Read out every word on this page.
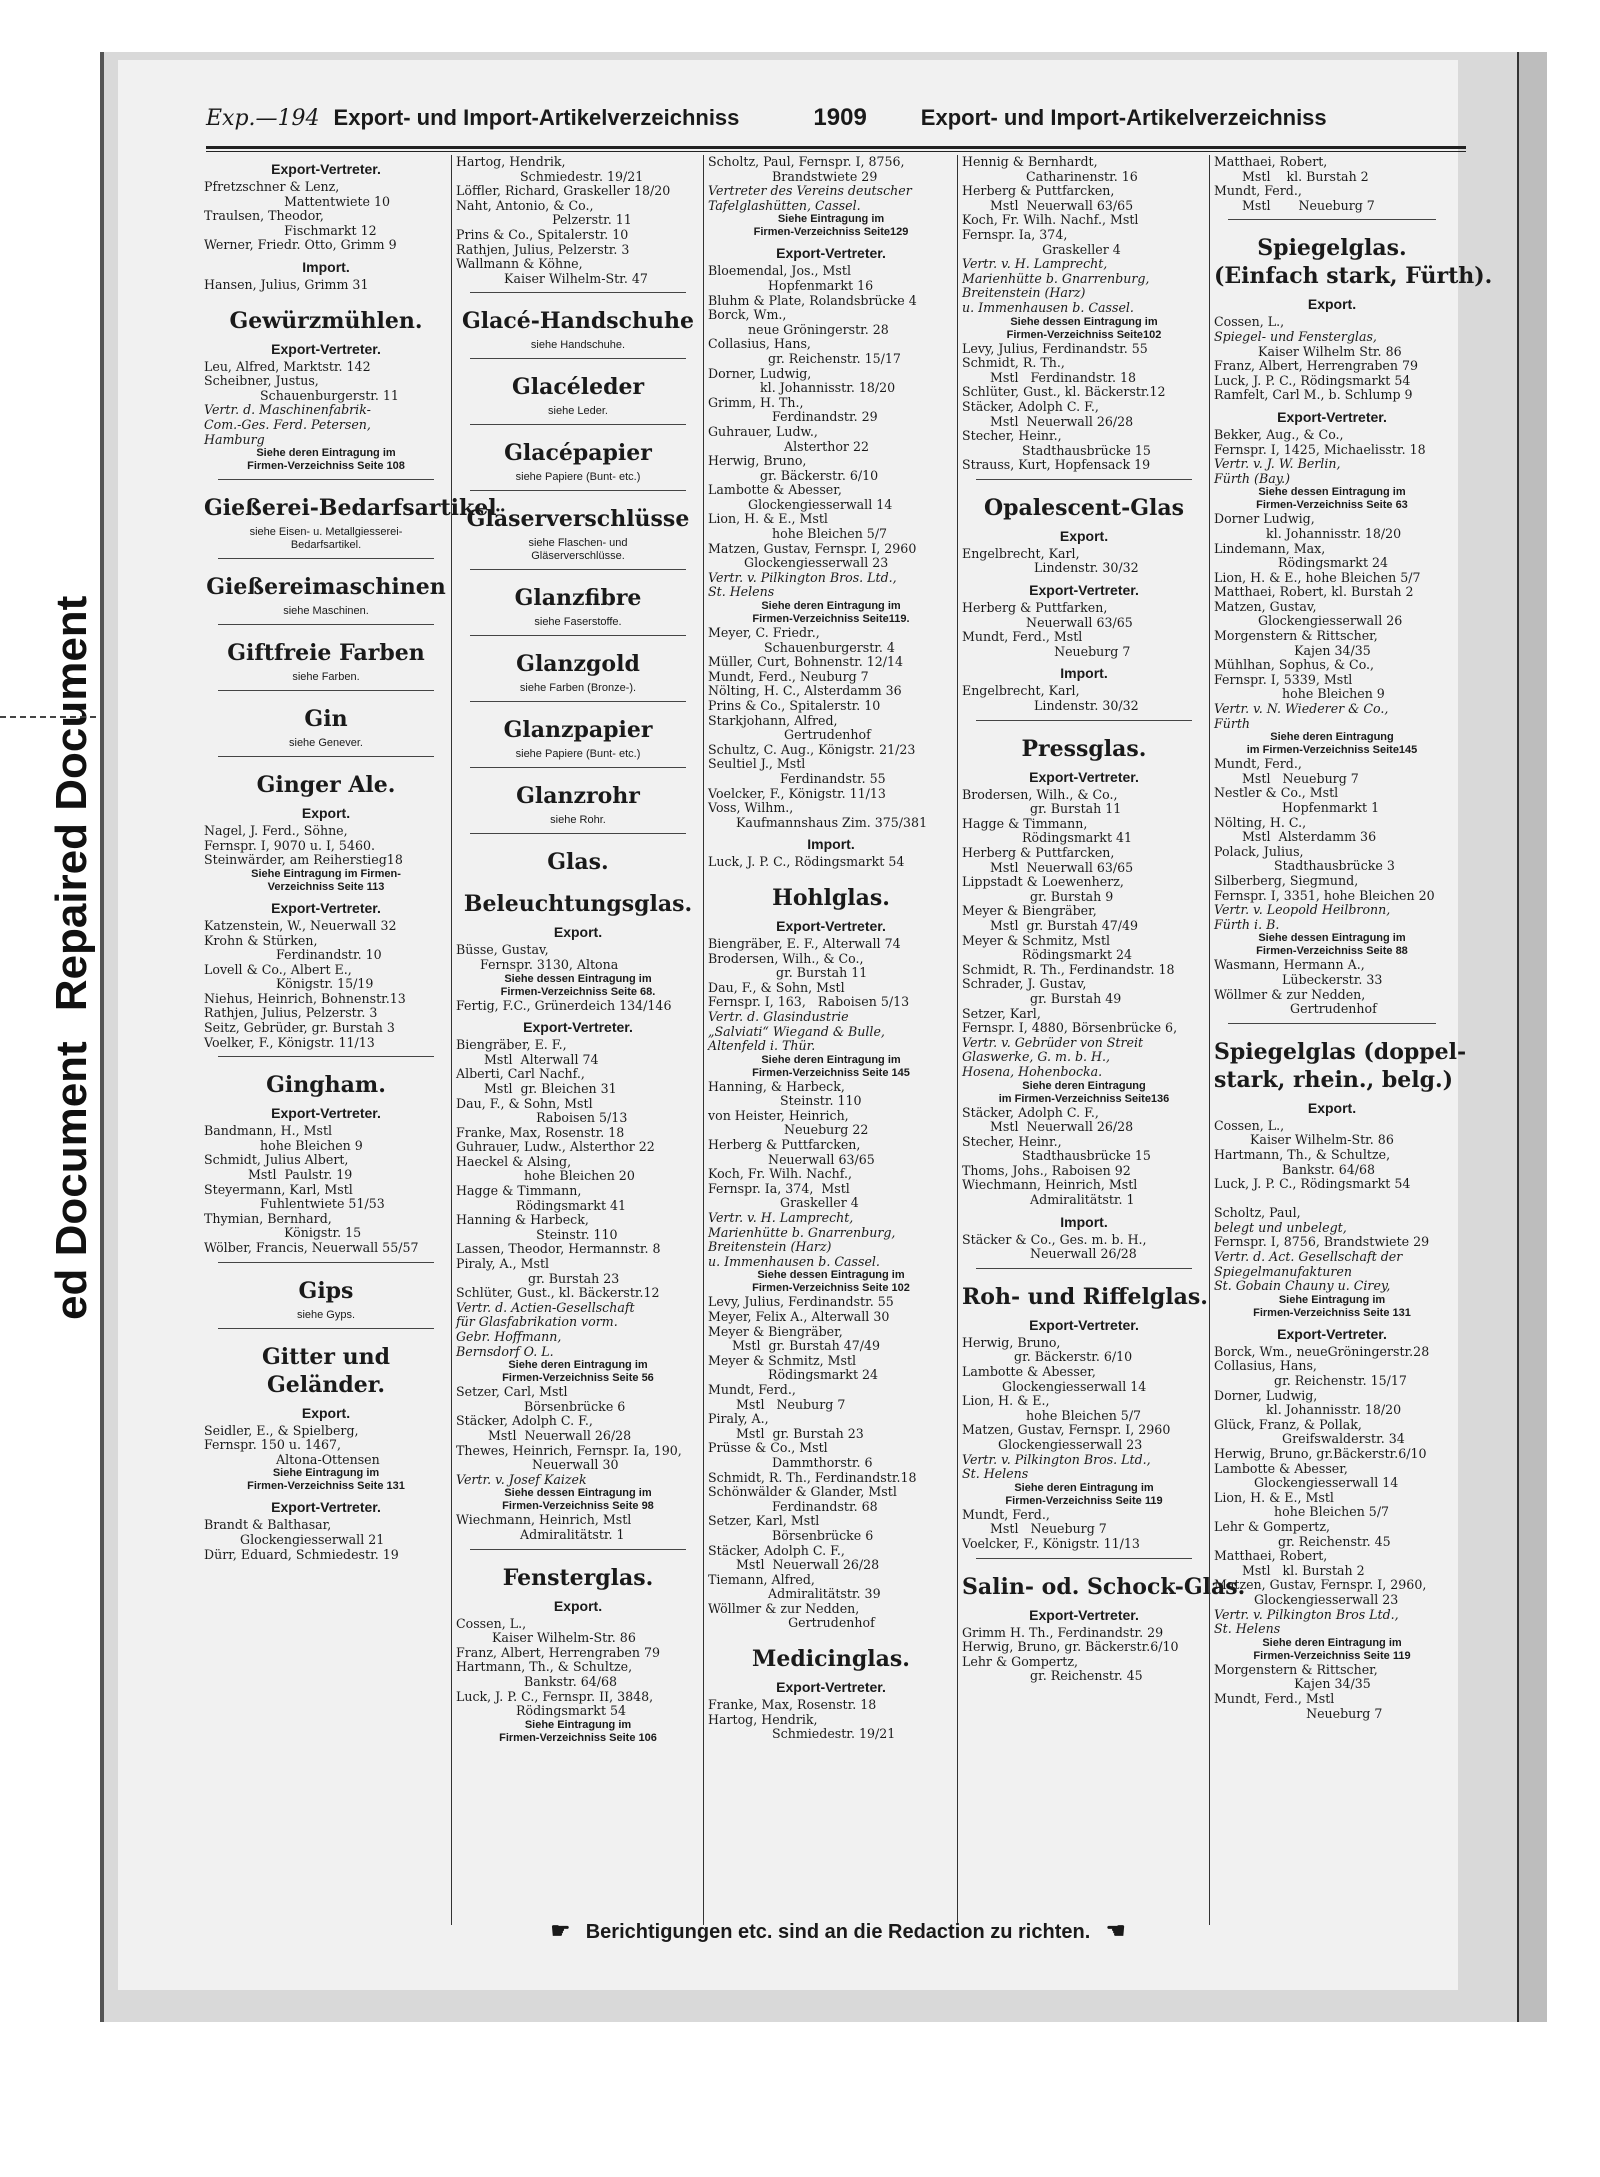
ed DocumentRepaired Document
Exp.—194 Export- und Import-Artikelverzeichniss	1909 Export- und Import-Artikelverzeichniss
Export-Vertreter.
Pfretzschner & Lenz,
Mattentwiete 10
Traulsen, Theodor,
Fischmarkt 12
Werner, Friedr. Otto, Grimm 9
Import.
Hansen, Julius, Grimm 31
Gewürzmühlen.
Export-Vertreter.
Leu, Alfred, Marktstr. 142
Scheibner, Justus,
Schauenburgerstr. 11
Vertr. d. Maschinenfabrik-
Com.-Ges. Ferd. Petersen,
Hamburg
Siehe deren Eintragung im
Firmen-Verzeichniss Seite 108
Gießerei-Bedarfsartikel
siehe Eisen- u. Metallgiesserei-
Bedarfsartikel.
Gießereimaschinen
siehe Maschinen.
Giftfreie Farben
siehe Farben.
Gin
siehe Genever.
Ginger Ale.
Export.
Nagel, J. Ferd., Söhne,
Fernspr. I, 9070 u. I, 5460.
Steinwärder, am Reiherstieg18
Siehe Eintragung im Firmen-
Verzeichniss Seite 113
Export-Vertreter.
Katzenstein, W., Neuerwall 32
Krohn & Stürken,
Ferdinandstr. 10
Lovell & Co., Albert E.,
Königstr. 15/19
Niehus, Heinrich, Bohnenstr.13
Rathjen, Julius, Pelzerstr. 3
Seitz, Gebrüder, gr. Burstah 3
Voelker, F., Königstr. 11/13
Gingham.
Export-Vertreter.
Bandmann, H., Mstl
hohe Bleichen 9
Schmidt, Julius Albert,
Mstl  Paulstr. 19
Steyermann, Karl, Mstl
Fuhlentwiete 51/53
Thymian, Bernhard,
Königstr. 15
Wölber, Francis, Neuerwall 55/57
Gips
siehe Gyps.
Gitter und
Geländer.
Export.
Seidler, E., & Spielberg,
Fernspr. 150 u. 1467,
Altona-Ottensen
Siehe Eintragung im
Firmen-Verzeichniss Seite 131
Export-Vertreter.
Brandt & Balthasar,
Glockengiesserwall 21
Dürr, Eduard, Schmiedestr. 19
Hartog, Hendrik,
Schmiedestr. 19/21
Löffler, Richard, Graskeller 18/20
Naht, Antonio, & Co.,
Pelzerstr. 11
Prins & Co., Spitalerstr. 10
Rathjen, Julius, Pelzerstr. 3
Wallmann & Köhne,
Kaiser Wilhelm-Str. 47
Glacé-Handschuhe
siehe Handschuhe.
Glacéleder
siehe Leder.
Glacépapier
siehe Papiere (Bunt- etc.)
Gläserverschlüsse
siehe Flaschen- und
Gläserverschlüsse.
Glanzfibre
siehe Faserstoffe.
Glanzgold
siehe Farben (Bronze-).
Glanzpapier
siehe Papiere (Bunt- etc.)
Glanzrohr
siehe Rohr.
Glas.
Beleuchtungsglas.
Export.
Büsse, Gustav,
Fernspr. 3130, Altona
Siehe dessen Eintragung im
Firmen-Verzeichniss Seite 68.
Fertig, F.C., Grünerdeich 134/146
Export-Vertreter.
Biengräber, E. F.,
Mstl  Alterwall 74
Alberti, Carl Nachf.,
Mstl  gr. Bleichen 31
Dau, F., & Sohn, Mstl
Raboisen 5/13
Franke, Max, Rosenstr. 18
Guhrauer, Ludw., Alsterthor 22
Haeckel & Alsing,
hohe Bleichen 20
Hagge & Timmann,
Rödingsmarkt 41
Hanning & Harbeck,
Steinstr. 110
Lassen, Theodor, Hermannstr. 8
Piraly, A., Mstl
gr. Burstah 23
Schlüter, Gust., kl. Bäckerstr.12
Vertr. d. Actien-Gesellschaft
für Glasfabrikation vorm.
Gebr. Hoffmann,
Bernsdorf O. L.
Siehe deren Eintragung im
Firmen-Verzeichniss Seite 56
Setzer, Carl, Mstl
Börsenbrücke 6
Stäcker, Adolph C. F.,
Mstl  Neuerwall 26/28
Thewes, Heinrich, Fernspr. Ia, 190,
Neuerwall 30
Vertr. v. Josef Kaizek
Siehe dessen Eintragung im
Firmen-Verzeichniss Seite 98
Wiechmann, Heinrich, Mstl
Admiralitätstr. 1
Fensterglas.
Export.
Cossen, L.,
Kaiser Wilhelm-Str. 86
Franz, Albert, Herrengraben 79
Hartmann, Th., & Schultze,
Bankstr. 64/68
Luck, J. P. C., Fernspr. II, 3848,
Rödingsmarkt 54
Siehe Eintragung im
Firmen-Verzeichniss Seite 106
Scholtz, Paul, Fernspr. I, 8756,
Brandstwiete 29
Vertreter des Vereins deutscher
Tafelglashütten, Cassel.
Siehe Eintragung im
Firmen-Verzeichniss Seite129
Export-Vertreter.
Bloemendal, Jos., Mstl
Hopfenmarkt 16
Bluhm & Plate, Rolandsbrücke 4
Borck, Wm.,
neue Gröningerstr. 28
Collasius, Hans,
gr. Reichenstr. 15/17
Dorner, Ludwig,
kl. Johannisstr. 18/20
Grimm, H. Th.,
Ferdinandstr. 29
Guhrauer, Ludw.,
Alsterthor 22
Herwig, Bruno,
gr. Bäckerstr. 6/10
Lambotte & Abesser,
Glockengiesserwall 14
Lion, H. & E., Mstl
hohe Bleichen 5/7
Matzen, Gustav, Fernspr. I, 2960
Glockengiesserwall 23
Vertr. v. Pilkington Bros. Ltd.,
St. Helens
Siehe deren Eintragung im
Firmen-Verzeichniss Seite119.
Meyer, C. Friedr.,
Schauenburgerstr. 4
Müller, Curt, Bohnenstr. 12/14
Mundt, Ferd., Neuburg 7
Nölting, H. C., Alsterdamm 36
Prins & Co., Spitalerstr. 10
Starkjohann, Alfred,
Gertrudenhof
Schultz, C. Aug., Königstr. 21/23
Seultiel J., Mstl
Ferdinandstr. 55
Voelcker, F., Königstr. 11/13
Voss, Wilhm.,
Kaufmannshaus Zim. 375/381
Import.
Luck, J. P. C., Rödingsmarkt 54
Hohlglas.
Export-Vertreter.
Biengräber, E. F., Alterwall 74
Brodersen, Wilh., & Co.,
gr. Burstah 11
Dau, F., & Sohn, Mstl
Fernspr. I, 163,   Raboisen 5/13
Vertr. d. Glasindustrie
„Salviati“ Wiegand & Bulle,
Altenfeld i. Thür.
Siehe deren Eintragung im
Firmen-Verzeichniss Seite 145
Hanning, & Harbeck,
Steinstr. 110
von Heister, Heinrich,
Neueburg 22
Herberg & Puttfarcken,
Neuerwall 63/65
Koch, Fr. Wilh. Nachf.,
Fernspr. Ia, 374,  Mstl
Graskeller 4
Vertr. v. H. Lamprecht,
Marienhütte b. Gnarrenburg,
Breitenstein (Harz)
u. Immenhausen b. Cassel.
Siehe dessen Eintragung im
Firmen-Verzeichniss Seite 102
Levy, Julius, Ferdinandstr. 55
Meyer, Felix A., Alterwall 30
Meyer & Biengräber,
Mstl  gr. Burstah 47/49
Meyer & Schmitz, Mstl
Rödingsmarkt 24
Mundt, Ferd.,
Mstl   Neuburg 7
Piraly, A.,
Mstl  gr. Burstah 23
Prüsse & Co., Mstl
Dammthorstr. 6
Schmidt, R. Th., Ferdinandstr.18
Schönwälder & Glander, Mstl
Ferdinandstr. 68
Setzer, Karl, Mstl
Börsenbrücke 6
Stäcker, Adolph C. F.,
Mstl  Neuerwall 26/28
Tiemann, Alfred,
Admiralitätstr. 39
Wöllmer & zur Nedden,
Gertrudenhof
Medicinglas.
Export-Vertreter.
Franke, Max, Rosenstr. 18
Hartog, Hendrik,
Schmiedestr. 19/21
Hennig & Bernhardt,
Catharinenstr. 16
Herberg & Puttfarcken,
Mstl  Neuerwall 63/65
Koch, Fr. Wilh. Nachf., Mstl
Fernspr. Ia, 374,
Graskeller 4
Vertr. v. H. Lamprecht,
Marienhütte b. Gnarrenburg,
Breitenstein (Harz)
u. Immenhausen b. Cassel.
Siehe dessen Eintragung im
Firmen-Verzeichniss Seite102
Levy, Julius, Ferdinandstr. 55
Schmidt, R. Th.,
Mstl   Ferdinandstr. 18
Schlüter, Gust., kl. Bäckerstr.12
Stäcker, Adolph C. F.,
Mstl  Neuerwall 26/28
Stecher, Heinr.,
Stadthausbrücke 15
Strauss, Kurt, Hopfensack 19
Opalescent-Glas
Export.
Engelbrecht, Karl,
Lindenstr. 30/32
Export-Vertreter.
Herberg & Puttfarken,
Neuerwall 63/65
Mundt, Ferd., Mstl
Neueburg 7
Import.
Engelbrecht, Karl,
Lindenstr. 30/32
Pressglas.
Export-Vertreter.
Brodersen, Wilh., & Co.,
gr. Burstah 11
Hagge & Timmann,
Rödingsmarkt 41
Herberg & Puttfarcken,
Mstl  Neuerwall 63/65
Lippstadt & Loewenherz,
gr. Burstah 9
Meyer & Biengräber,
Mstl  gr. Burstah 47/49
Meyer & Schmitz, Mstl
Rödingsmarkt 24
Schmidt, R. Th., Ferdinandstr. 18
Schrader, J. Gustav,
gr. Burstah 49
Setzer, Karl,
Fernspr. I, 4880, Börsenbrücke 6,
Vertr. v. Gebrüder von Streit
Glaswerke, G. m. b. H.,
Hosena, Hohenbocka.
Siehe deren Eintragung
im Firmen-Verzeichniss Seite136
Stäcker, Adolph C. F.,
Mstl  Neuerwall 26/28
Stecher, Heinr.,
Stadthausbrücke 15
Thoms, Johs., Raboisen 92
Wiechmann, Heinrich, Mstl
Admiralitätstr. 1
Import.
Stäcker & Co., Ges. m. b. H.,
Neuerwall 26/28
Roh- und Riffelglas.
Export-Vertreter.
Herwig, Bruno,
gr. Bäckerstr. 6/10
Lambotte & Abesser,
Glockengiesserwall 14
Lion, H. & E.,
hohe Bleichen 5/7
Matzen, Gustav, Fernspr. I, 2960
Glockengiesserwall 23
Vertr. v. Pilkington Bros. Ltd.,
St. Helens
Siehe deren Eintragung im
Firmen-Verzeichniss Seite 119
Mundt, Ferd.,
Mstl   Neueburg 7
Voelcker, F., Königstr. 11/13
Salin- od. Schock-Glas.
Export-Vertreter.
Grimm H. Th., Ferdinandstr. 29
Herwig, Bruno, gr. Bäckerstr.6/10
Lehr & Gompertz,
gr. Reichenstr. 45
Matthaei, Robert,
Mstl    kl. Burstah 2
Mundt, Ferd.,
Mstl       Neueburg 7
Spiegelglas.
(Einfach stark, Fürth).
Export.
Cossen, L.,
Spiegel- und Fensterglas,
Kaiser Wilhelm Str. 86
Franz, Albert, Herrengraben 79
Luck, J. P. C., Rödingsmarkt 54
Ramfelt, Carl M., b. Schlump 9
Export-Vertreter.
Bekker, Aug., & Co.,
Fernspr. I, 1425, Michaelisstr. 18
Vertr. v. J. W. Berlin,
Fürth (Bay.)
Siehe dessen Eintragung im
Firmen-Verzeichniss Seite 63
Dorner Ludwig,
kl. Johannisstr. 18/20
Lindemann, Max,
Rödingsmarkt 24
Lion, H. & E., hohe Bleichen 5/7
Matthaei, Robert, kl. Burstah 2
Matzen, Gustav,
Glockengiesserwall 26
Morgenstern & Rittscher,
Kajen 34/35
Mühlhan, Sophus, & Co.,
Fernspr. I, 5339, Mstl
hohe Bleichen 9
Vertr. v. N. Wiederer & Co.,
Fürth
Siehe deren Eintragung
im Firmen-Verzeichniss Seite145
Mundt, Ferd.,
Mstl   Neueburg 7
Nestler & Co., Mstl
Hopfenmarkt 1
Nölting, H. C.,
Mstl  Alsterdamm 36
Polack, Julius,
Stadthausbrücke 3
Silberberg, Siegmund,
Fernspr. I, 3351, hohe Bleichen 20
Vertr. v. Leopold Heilbronn,
Fürth i. B.
Siehe dessen Eintragung im
Firmen-Verzeichniss Seite 88
Wasmann, Hermann A.,
Lübeckerstr. 33
Wöllmer & zur Nedden,
Gertrudenhof
Spiegelglas (doppel-
stark, rhein., belg.)
Export.
Cossen, L.,
Kaiser Wilhelm-Str. 86
Hartmann, Th., & Schultze,
Bankstr. 64/68
Luck, J. P. C., Rödingsmarkt 54

Scholtz, Paul,
belegt und unbelegt,
Fernspr. I, 8756, Brandstwiete 29
Vertr. d. Act. Gesellschaft der
Spiegelmanufakturen
St. Gobain Chauny u. Cirey,
Siehe Eintragung im
Firmen-Verzeichniss Seite 131
Export-Vertreter.
Borck, Wm., neueGröningerstr.28
Collasius, Hans,
gr. Reichenstr. 15/17
Dorner, Ludwig,
kl. Johannisstr. 18/20
Glück, Franz, & Pollak,
Greifswalderstr. 34
Herwig, Bruno, gr.Bäckerstr.6/10
Lambotte & Abesser,
Glockengiesserwall 14
Lion, H. & E., Mstl
hohe Bleichen 5/7
Lehr & Gompertz,
gr. Reichenstr. 45
Matthaei, Robert,
Mstl   kl. Burstah 2
Matzen, Gustav, Fernspr. I, 2960,
Glockengiesserwall 23
Vertr. v. Pilkington Bros Ltd.,
St. Helens
Siehe deren Eintragung im
Firmen-Verzeichniss Seite 119
Morgenstern & Rittscher,
Kajen 34/35
Mundt, Ferd., Mstl
Neueburg 7
☛ Berichtigungen etc. sind an die Redaction zu richten. ☚
